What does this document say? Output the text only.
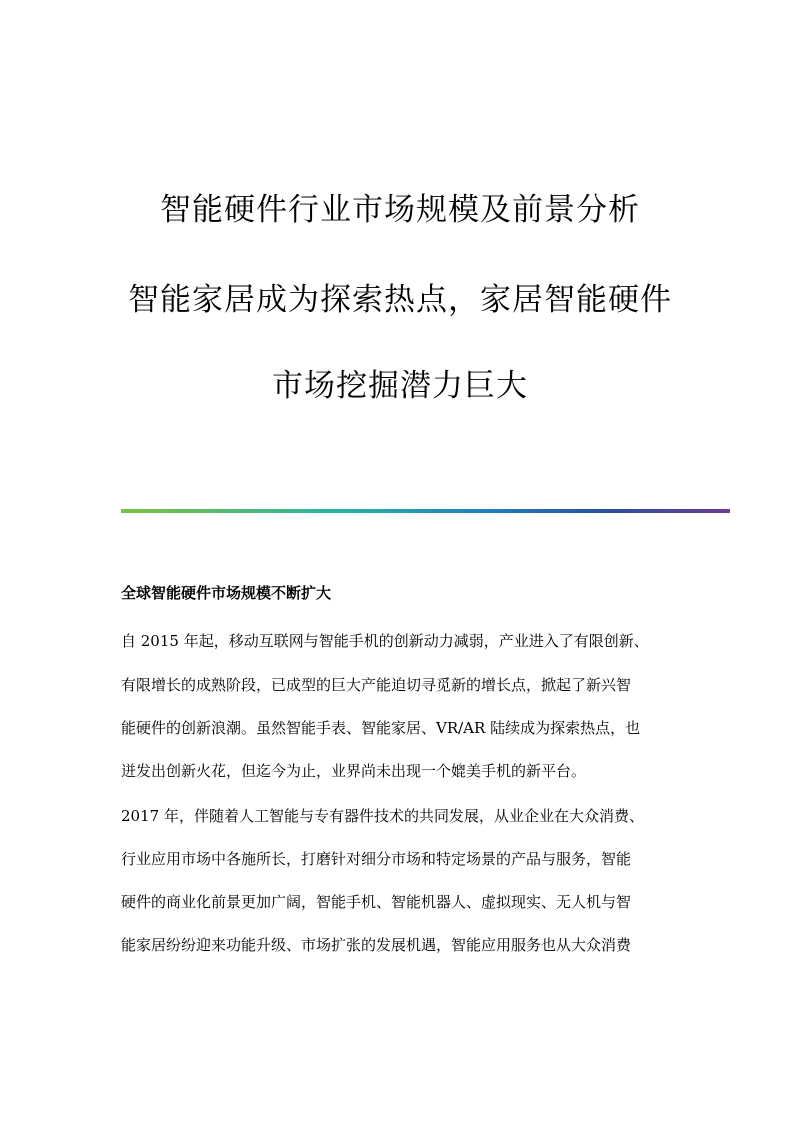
智能硬件行业市场规模及前景分析
智能家居成为探索热点，家居智能硬件
市场挖掘潜力巨大
全球智能硬件市场规模不断扩大
自 2015 年起，移动互联网与智能手机的创新动力减弱，产业进入了有限创新、
有限增长的成熟阶段，已成型的巨大产能迫切寻觅新的增长点，掀起了新兴智
能硬件的创新浪潮。虽然智能手表、智能家居、VR/AR 陆续成为探索热点，也
迸发出创新火花，但迄今为止，业界尚未出现一个媲美手机的新平台。
2017 年，伴随着人工智能与专有器件技术的共同发展，从业企业在大众消费、
行业应用市场中各施所长，打磨针对细分市场和特定场景的产品与服务，智能
硬件的商业化前景更加广阔，智能手机、智能机器人、虚拟现实、无人机与智
能家居纷纷迎来功能升级、市场扩张的发展机遇，智能应用服务也从大众消费
